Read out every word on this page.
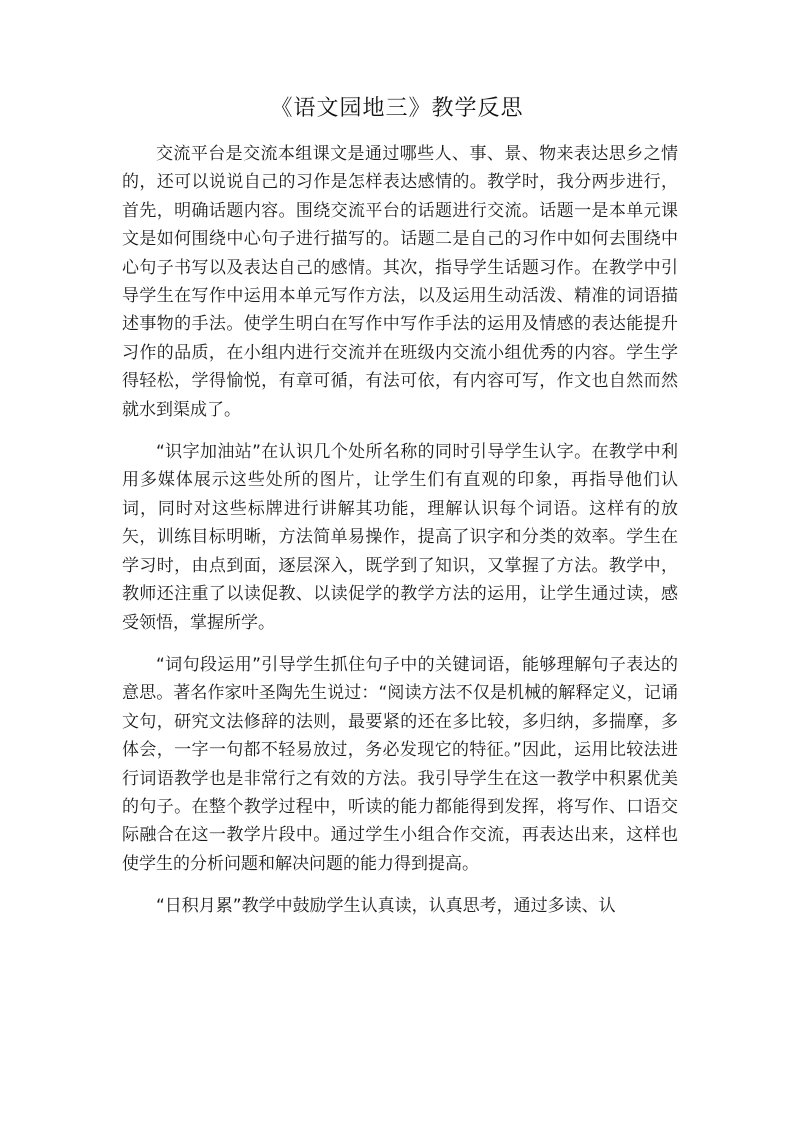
《语文园地三》教学反思

交流平台是交流本组课文是通过哪些人、事、景、物来表达思乡之情的，还可以说说自己的习作是怎样表达感情的。教学时，我分两步进行，首先，明确话题内容。围绕交流平台的话题进行交流。话题一是本单元课文是如何围绕中心句子进行描写的。话题二是自己的习作中如何去围绕中心句子书写以及表达自己的感情。其次，指导学生话题习作。在教学中引导学生在写作中运用本单元写作方法，以及运用生动活泼、精准的词语描述事物的手法。使学生明白在写作中写作手法的运用及情感的表达能提升习作的品质，在小组内进行交流并在班级内交流小组优秀的内容。学生学得轻松，学得愉悦，有章可循，有法可依，有内容可写，作文也自然而然就水到渠成了。

“识字加油站”在认识几个处所名称的同时引导学生认字。在教学中利用多媒体展示这些处所的图片，让学生们有直观的印象，再指导他们认词，同时对这些标牌进行讲解其功能，理解认识每个词语。这样有的放矢，训练目标明晰，方法简单易操作，提高了识字和分类的效率。学生在学习时，由点到面，逐层深入，既学到了知识，又掌握了方法。教学中，教师还注重了以读促教、以读促学的教学方法的运用，让学生通过读，感受领悟，掌握所学。

“词句段运用”引导学生抓住句子中的关键词语，能够理解句子表达的意思。著名作家叶圣陶先生说过：“阅读方法不仅是机械的解释定义，记诵文句，研究文法修辞的法则，最要紧的还在多比较，多归纳，多揣摩，多体会，一字一句都不轻易放过，务必发现它的特征。”因此，运用比较法进行词语教学也是非常行之有效的方法。我引导学生在这一教学中积累优美的句子。在整个教学过程中，听读的能力都能得到发挥，将写作、口语交际融合在这一教学片段中。通过学生小组合作交流，再表达出来，这样也使学生的分析问题和解决问题的能力得到提高。

“日积月累”教学中鼓励学生认真读，认真思考，通过多读、认
